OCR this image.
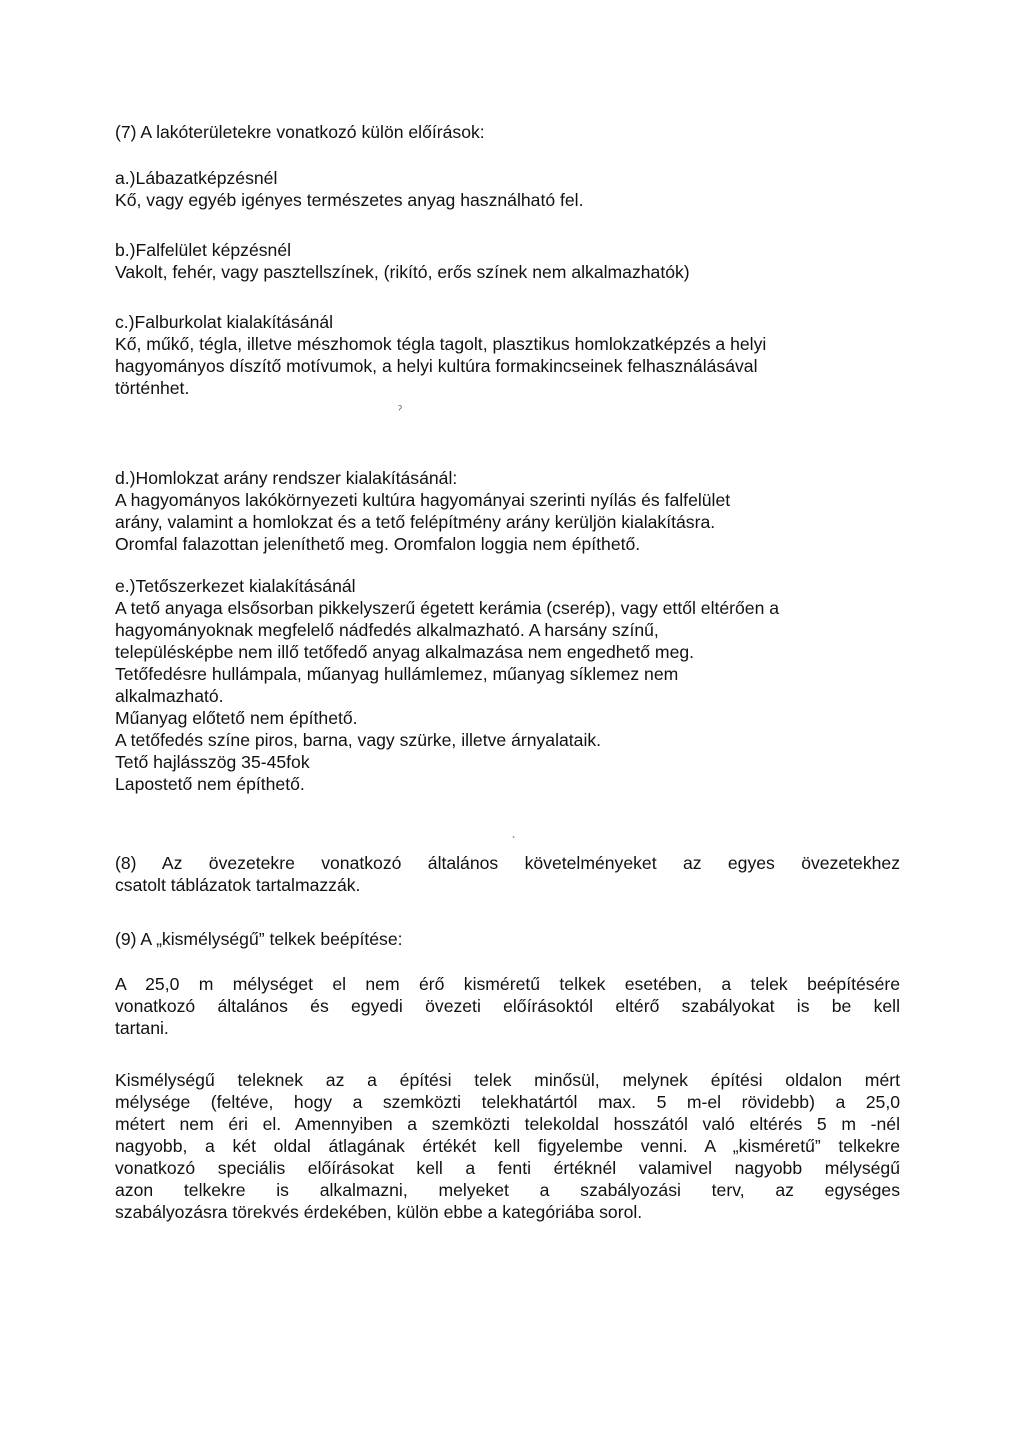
(7) A lakóterületekre vonatkozó külön előírások:
a.)Lábazatképzésnél
Kő, vagy egyéb igényes természetes anyag használható fel.
b.)Falfelület képzésnél
Vakolt, fehér, vagy pasztellszínek, (rikító, erős színek nem alkalmazhatók)
c.)Falburkolat kialakításánál
Kő, műkő, tégla, illetve mészhomok tégla tagolt, plasztikus homlokzatképzés a helyi
hagyományos díszítő motívumok, a helyi kultúra formakincseinek felhasználásával
történhet.
ˀ
d.)Homlokzat arány rendszer kialakításánál:
A hagyományos lakókörnyezeti kultúra hagyományai szerinti nyílás és falfelület
arány, valamint a homlokzat és a tető felépítmény arány kerüljön kialakításra.
Oromfal falazottan jeleníthető meg. Oromfalon loggia nem építhető.
e.)Tetőszerkezet kialakításánál
A tető anyaga elsősorban pikkelyszerű égetett kerámia (cserép), vagy ettől eltérően a
hagyományoknak megfelelő nádfedés alkalmazható. A harsány színű,
településképbe nem illő tetőfedő anyag alkalmazása nem engedhető meg.
Tetőfedésre hullámpala, műanyag hullámlemez, műanyag síklemez nem
alkalmazható.
Műanyag előtető nem építhető.
A tetőfedés színe piros, barna, vagy szürke, illetve árnyalataik.
Tető hajlásszög 35-45fok
Lapostető nem építhető.
ˎ
(8) Az övezetekre vonatkozó általános követelményeket az egyes övezetekhez
csatolt táblázatok tartalmazzák.
(9) A „kismélységű” telkek beépítése:
A 25,0 m mélységet el nem érő kisméretű telkek esetében, a telek beépítésére
vonatkozó általános és egyedi övezeti előírásoktól eltérő szabályokat is be kell
tartani.
Kismélységű teleknek az a építési telek minősül, melynek építési oldalon mért
mélysége (feltéve, hogy a szemközti telekhatártól max. 5 m-el rövidebb) a 25,0
métert nem éri el. Amennyiben a szemközti telekoldal hosszától való eltérés 5 m -nél
nagyobb, a két oldal átlagának értékét kell figyelembe venni. A „kisméretű” telkekre
vonatkozó speciális előírásokat kell a fenti értéknél valamivel nagyobb mélységű
azon telkekre is alkalmazni, melyeket a szabályozási terv, az egységes
szabályozásra törekvés érdekében, külön ebbe a kategóriába sorol.
